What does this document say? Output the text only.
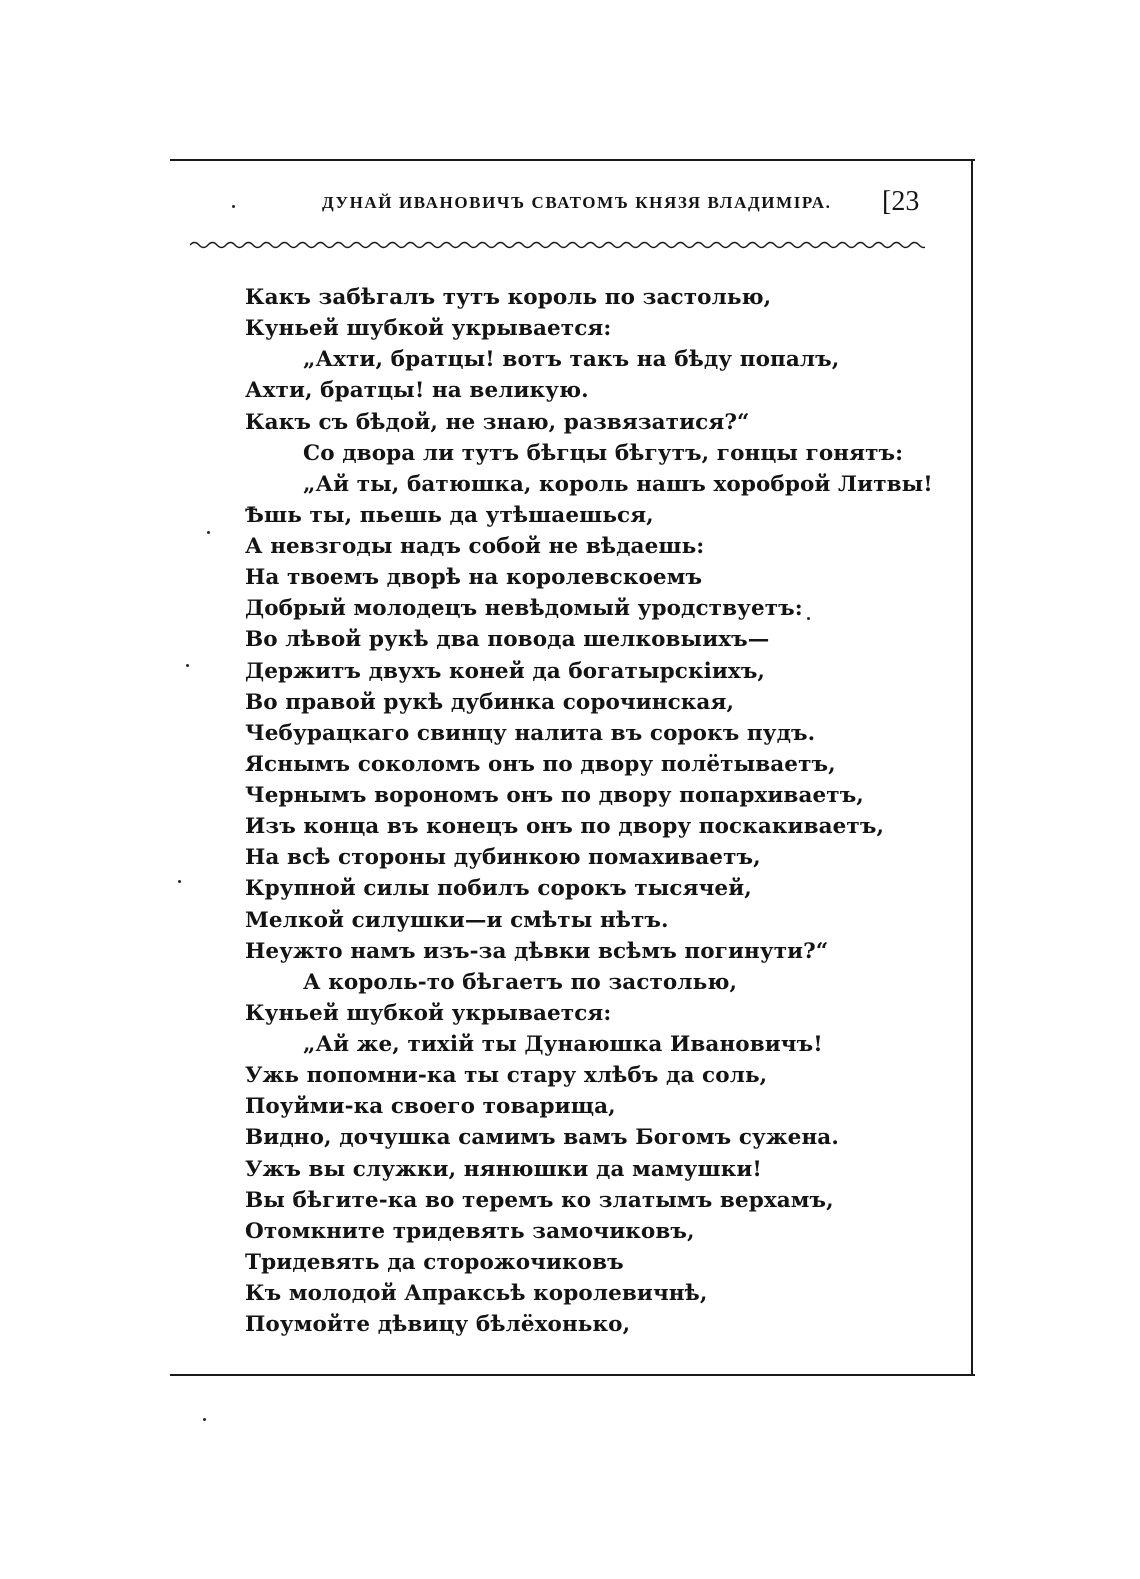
ДУНАЙ ИВАНОВИЧЪ СВАТОМЪ КНЯЗЯ ВЛАДИМІРА. [23
Какъ забѣгалъ тутъ король по застолью,
Куньей шубкой укрывается:
„Ахти, братцы! вотъ такъ на бѣду попалъ,
Ахти, братцы! на великую.
Какъ съ бѣдой, не знаю, развязатися?“
Со двора ли тутъ бѣгцы бѣгутъ, гонцы гонятъ:
„Ай ты, батюшка, король нашъ хороброй Литвы!
Ѣшь ты, пьешь да утѣшаешься,
А невзгоды надъ собой не вѣдаешь:
На твоемъ дворѣ на королевскоемъ
Добрый молодецъ невѣдомый уродствуетъ:
Во лѣвой рукѣ два повода шелковыихъ—
Держитъ двухъ коней да богатырскіихъ,
Во правой рукѣ дубинка сорочинская,
Чебурацкаго свинцу налита въ сорокъ пудъ.
Яснымъ соколомъ онъ по двору полётываетъ,
Чернымъ ворономъ онъ по двору попархиваетъ,
Изъ конца въ конецъ онъ по двору поскакиваетъ,
На всѣ стороны дубинкою помахиваетъ,
Крупной силы побилъ сорокъ тысячей,
Мелкой силушки—и смѣты нѣтъ.
Неужто намъ изъ-за дѣвки всѣмъ погинути?“
А король-то бѣгаетъ по застолью,
Куньей шубкой укрывается:
„Ай же, тихій ты Дунаюшка Ивановичъ!
Ужь попомни-ка ты стару хлѣбъ да соль,
Поуйми-ка своего товарища,
Видно, дочушка самимъ вамъ Богомъ сужена.
Ужъ вы служки, нянюшки да мамушки!
Вы бѣгите-ка во теремъ ко златымъ верхамъ,
Отомкните тридевять замочиковъ,
Тридевять да сторожочиковъ
Къ молодой Апраксьѣ королевичнѣ,
Поумойте дѣвицу бѣлёхонько,
